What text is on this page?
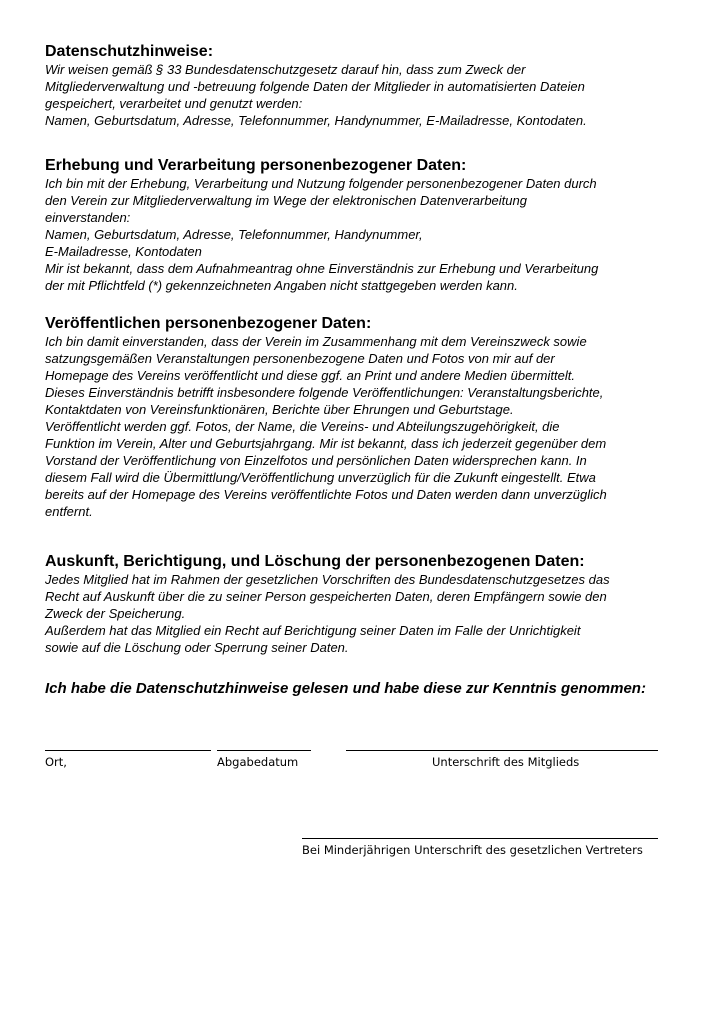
Datenschutzhinweise:
Wir weisen gemäß § 33 Bundesdatenschutzgesetz darauf hin, dass zum Zweck der
Mitgliederverwaltung und -betreuung folgende Daten der Mitglieder in automatisierten Dateien
gespeichert, verarbeitet und genutzt werden:
Namen, Geburtsdatum, Adresse, Telefonnummer, Handynummer, E-Mailadresse, Kontodaten.
Erhebung und Verarbeitung personenbezogener Daten:
Ich bin mit der Erhebung, Verarbeitung und Nutzung folgender personenbezogener Daten durch
den Verein zur Mitgliederverwaltung im Wege der elektronischen Datenverarbeitung
einverstanden:
Namen, Geburtsdatum, Adresse, Telefonnummer, Handynummer,
E-Mailadresse, Kontodaten
Mir ist bekannt, dass dem Aufnahmeantrag ohne Einverständnis zur Erhebung und Verarbeitung
der mit Pflichtfeld (*) gekennzeichneten Angaben nicht stattgegeben werden kann.
Veröffentlichen personenbezogener Daten:
Ich bin damit einverstanden, dass der Verein im Zusammenhang mit dem Vereinszweck sowie
satzungsgemäßen Veranstaltungen personenbezogene Daten und Fotos von mir auf der
Homepage des Vereins veröffentlicht und diese ggf. an Print und andere Medien übermittelt.
Dieses Einverständnis betrifft insbesondere folgende Veröffentlichungen: Veranstaltungsberichte,
Kontaktdaten von Vereinsfunktionären, Berichte über Ehrungen und Geburtstage.
Veröffentlicht werden ggf. Fotos, der Name, die Vereins- und Abteilungszugehörigkeit, die
Funktion im Verein, Alter und Geburtsjahrgang. Mir ist bekannt, dass ich jederzeit gegenüber dem
Vorstand der Veröffentlichung von Einzelfotos und persönlichen Daten widersprechen kann. In
diesem Fall wird die Übermittlung/Veröffentlichung unverzüglich für die Zukunft eingestellt. Etwa
bereits auf der Homepage des Vereins veröffentlichte Fotos und Daten werden dann unverzüglich
entfernt.
Auskunft, Berichtigung, und Löschung der personenbezogenen Daten:
Jedes Mitglied hat im Rahmen der gesetzlichen Vorschriften des Bundesdatenschutzgesetzes das
Recht auf Auskunft über die zu seiner Person gespeicherten Daten, deren Empfängern sowie den
Zweck der Speicherung.
Außerdem hat das Mitglied ein Recht auf Berichtigung seiner Daten im Falle der Unrichtigkeit
sowie auf die Löschung oder Sperrung seiner Daten.

Ich habe die Datenschutzhinweise gelesen und habe diese zur Kenntnis genommen:

Ort,	Abgabedatum	Unterschrift des Mitglieds
Bei Minderjährigen Unterschrift des gesetzlichen Vertreters
